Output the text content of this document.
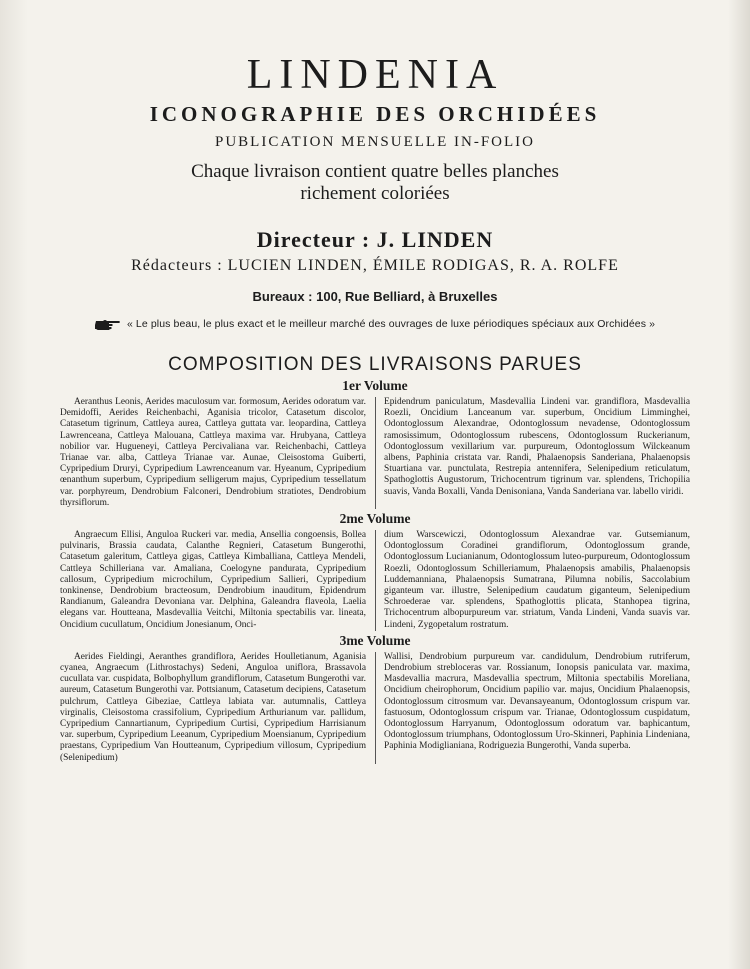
LINDENIA
ICONOGRAPHIE DES ORCHIDÉES
PUBLICATION MENSUELLE IN-FOLIO
Chaque livraison contient quatre belles planches
richement coloriées
Directeur : J. LINDEN
Rédacteurs : LUCIEN LINDEN, ÉMILE RODIGAS, R. A. ROLFE
Bureaux : 100, Rue Belliard, à Bruxelles
« Le plus beau, le plus exact et le meilleur marché des ouvrages de luxe périodiques spéciaux aux Orchidées »
COMPOSITION DES LIVRAISONS PARUES
1er Volume

Aeranthus Leonis, Aerides maculosum var. formosum, Aerides odoratum var. Demidoffi, Aerides Reichenbachi, Aganisia tricolor, Catasetum discolor, Catasetum tigrinum, Cattleya aurea, Cattleya guttata var. leopardina, Cattleya Lawrenceana, Cattleya Malouana, Cattleya maxima var. Hrubyana, Cattleya nobilior var. Hugueneyi, Cattleya Percivaliana var. Reichenbachi, Cattleya Trianae var. alba, Cattleya Trianae var. Aunae, Cleisostoma Guiberti, Cypripedium Druryi, Cypripedium Lawrenceanum var. Hyeanum, Cypripedium œnanthum superbum, Cypripedium selligerum majus, Cypripedium tessellatum var. porphyreum, Dendrobium Falconeri, Dendrobium stratiotes, Dendrobium thyrsiflorum.

Epidendrum paniculatum, Masdevallia Lindeni var. grandiflora, Masdevallia Roezli, Oncidium Lanceanum var. superbum, Oncidium Limminghei, Odontoglossum Alexandrae, Odontoglossum nevadense, Odontoglossum ramosissimum, Odontoglossum rubescens, Odontoglossum Ruckerianum, Odontoglossum vexillarium var. purpureum, Odontoglossum Wilckeanum albens, Paphinia cristata var. Randi, Phalaenopsis Sanderiana, Phalaenopsis Stuartiana var. punctulata, Restrepia antennifera, Selenipedium reticulatum, Spathoglottis Augustorum, Trichocentrum tigrinum var. splendens, Trichopilia suavis, Vanda Boxalli, Vanda Denisoniana, Vanda Sanderiana var. labello viridi.

2me Volume

Angraecum Ellisi, Anguloa Ruckeri var. media, Ansellia congoensis, Bollea pulvinaris, Brassia caudata, Calanthe Regnieri, Catasetum Bungerothi, Catasetum galeritum, Cattleya gigas, Cattleya Kimballiana, Cattleya Mendeli, Cattleya Schilleriana var. Amaliana, Coelogyne pandurata, Cypripedium callosum, Cypripedium microchilum, Cypripedium Sallieri, Cypripedium tonkinense, Dendrobium bracteosum, Dendrobium inauditum, Epidendrum Randianum, Galeandra Devoniana var. Delphina, Galeandra flaveola, Laelia elegans var. Houtteana, Masdevallia Veitchi, Miltonia spectabilis var. lineata, Oncidium cucullatum, Oncidium Jonesianum, Onci-

dium Warscewiczi, Odontoglossum Alexandrae var. Gutsemianum, Odontoglossum Coradinei grandiflorum, Odontoglossum grande, Odontoglossum Lucianianum, Odontoglossum luteo-purpureum, Odontoglossum Roezli, Odontoglossum Schilleriamum, Phalaenopsis amabilis, Phalaenopsis Luddemanniana, Phalaenopsis Sumatrana, Pilumna nobilis, Saccolabium giganteum var. illustre, Selenipedium caudatum giganteum, Selenipedium Schroederae var. splendens, Spathoglottis plicata, Stanhopea tigrina, Trichocentrum albopurpureum var. striatum, Vanda Lindeni, Vanda suavis var. Lindeni, Zygopetalum rostratum.

3me Volume

Aerides Fieldingi, Aeranthes grandiflora, Aerides Houlletianum, Aganisia cyanea, Angraecum (Lithrostachys) Sedeni, Anguloa uniflora, Brassavola cucullata var. cuspidata, Bolbophyllum grandiflorum, Catasetum Bungerothi var. aureum, Catasetum Bungerothi var. Pottsianum, Catasetum decipiens, Catasetum pulchrum, Cattleya Gibeziae, Cattleya labiata var. autumnalis, Cattleya virginalis, Cleisostoma crassifolium, Cypripedium Arthurianum var. pallidum, Cypripedium Cannartianum, Cypripedium Curtisi, Cypripedium Harrisianum var. superbum, Cypripedium Leeanum, Cypripedium Moensianum, Cypripedium praestans, Cypripedium Van Houtteanum, Cypripedium villosum, Cypripedium (Selenipedium)

Wallisi, Dendrobium purpureum var. candidulum, Dendrobium rutriferum, Dendrobium strebloceras var. Rossianum, Ionopsis paniculata var. maxima, Masdevallia macrura, Masdevallia spectrum, Miltonia spectabilis Moreliana, Oncidium cheirophorum, Oncidium papilio var. majus, Oncidium Phalaenopsis, Odontoglossum citrosmum var. Devansayeanum, Odontoglossum crispum var. fastuosum, Odontoglossum crispum var. Trianae, Odontoglossum cuspidatum, Odontoglossum Harryanum, Odontoglossum odoratum var. baphicantum, Odontoglossum triumphans, Odontoglossum Uro-Skinneri, Paphinia Lindeniana, Paphinia Modiglianiana, Rodriguezia Bungerothi, Vanda superba.
